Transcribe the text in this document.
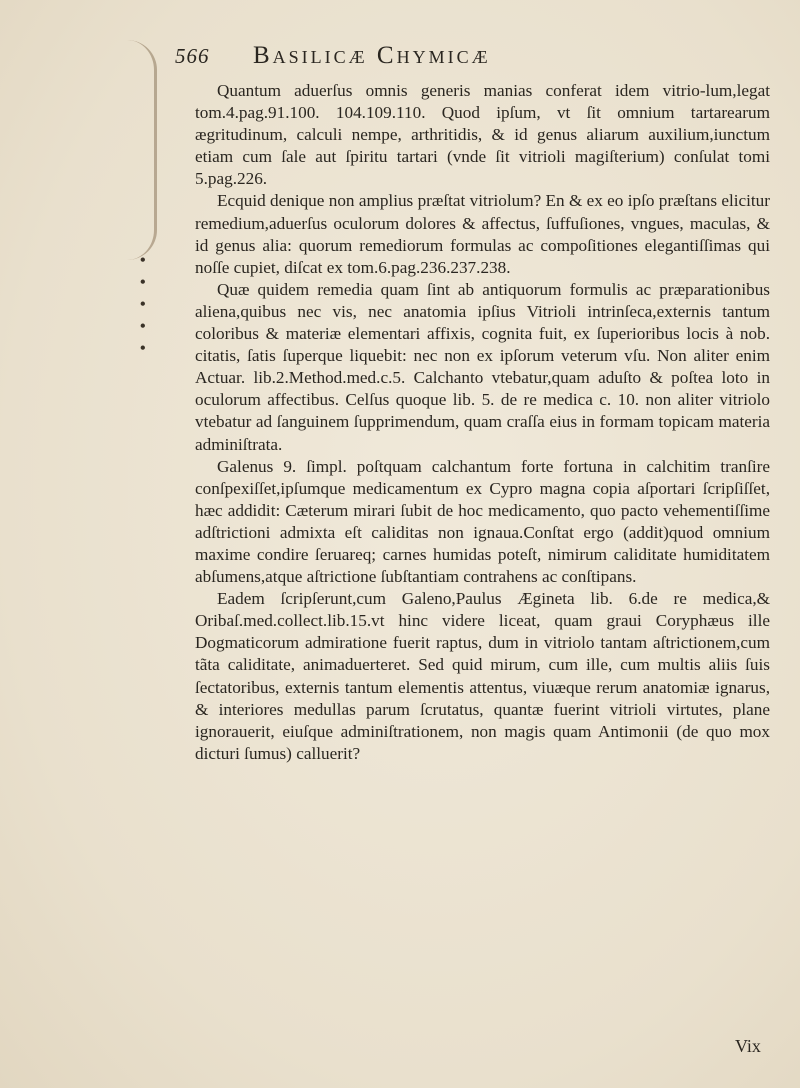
566 Basilicæ Chymicæ
•
•
•
•
•

Quantum aduerſus omnis generis manias conferat idem vitrio-lum,legat tom.4.pag.91.100. 104.109.110. Quod ipſum, vt ſit omnium tartarearum ægritudinum, calculi nempe, arthritidis, & id genus aliarum auxilium,iunctum etiam cum ſale aut ſpiritu tartari (vnde ſit vitrioli magiſterium) conſulat tomi 5.pag.226.

Ecquid denique non amplius præſtat vitriolum? En & ex eo ipſo præſtans elicitur remedium,aduerſus oculorum dolores & affectus, ſuffuſiones, vngues, maculas, & id genus alia: quorum remediorum formulas ac compoſitiones elegantiſſimas qui noſſe cupiet, diſcat ex tom.6.pag.236.237.238.

Quæ quidem remedia quam ſint ab antiquorum formulis ac præparationibus aliena,quibus nec vis, nec anatomia ipſius Vitrioli intrinſeca,externis tantum coloribus & materiæ elementari affixis, cognita fuit, ex ſuperioribus locis à nob. citatis, ſatis ſuperque liquebit: nec non ex ipſorum veterum vſu. Non aliter enim Actuar. lib.2.Method.med.c.5. Calchanto vtebatur,quam aduſto & poſtea loto in oculorum affectibus. Celſus quoque lib. 5. de re medica c. 10. non aliter vitriolo vtebatur ad ſanguinem ſupprimendum, quam craſſa eius in formam topicam materia adminiſtrata.

Galenus 9. ſimpl. poſtquam calchantum forte fortuna in calchitim tranſire conſpexiſſet,ipſumque medicamentum ex Cypro magna copia aſportari ſcripſiſſet, hæc addidit: Cæterum mirari ſubit de hoc medicamento, quo pacto vehementiſſime adſtrictioni admixta eſt caliditas non ignaua.Conſtat ergo (addit)quod omnium maxime condire ſeruareq; carnes humidas poteſt, nimirum caliditate humiditatem abſumens,atque aſtrictione ſubſtantiam contrahens ac conſtipans.

Eadem ſcripſerunt,cum Galeno,Paulus Ægineta lib. 6.de re medica,& Oribaſ.med.collect.lib.15.vt hinc videre liceat, quam graui Coryphæus ille Dogmaticorum admiratione fuerit raptus, dum in vitriolo tantam aſtrictionem,cum tãta caliditate, animaduerteret. Sed quid mirum, cum ille, cum multis aliis ſuis ſectatoribus, externis tantum elementis attentus, viuæque rerum anatomiæ ignarus, & interiores medullas parum ſcrutatus, quantæ fuerint vitrioli virtutes, plane ignorauerit, eiuſque adminiſtrationem, non magis quam Antimonii (de quo mox dicturi ſumus) calluerit?

Vix
